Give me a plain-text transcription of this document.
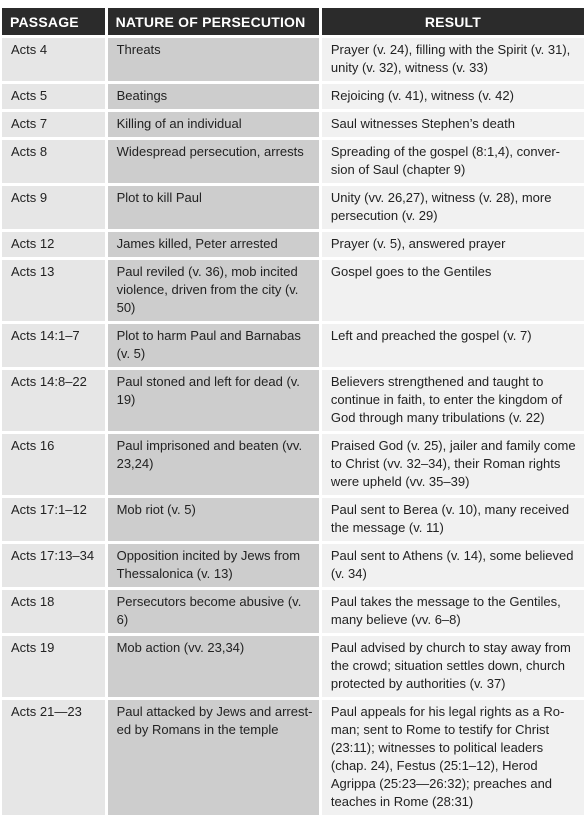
PASSAGE	NATURE OF PERSECUTION	RESULT
Acts 4	Threats	Prayer (v. 24), filling with the Spirit (v. 31), unity (v. 32), witness (v. 33)
Acts 5	Beatings	Rejoicing (v. 41), witness (v. 42)
Acts 7	Killing of an individual	Saul witnesses Stephen’s death
Acts 8	Widespread persecution, arrests	Spreading of the gospel (8:1,4), conver-sion of Saul (chapter 9)
Acts 9	Plot to kill Paul	Unity (vv. 26,27), witness (v. 28), more persecution (v. 29)
Acts 12	James killed, Peter arrested	Prayer (v. 5), answered prayer
Acts 13	Paul reviled (v. 36), mob incited violence, driven from the city (v. 50)	Gospel goes to the Gentiles
Acts 14:1–7	Plot to harm Paul and Barnabas (v. 5)	Left and preached the gospel (v. 7)
Acts 14:8–22	Paul stoned and left for dead (v. 19)	Believers strengthened and taught to continue in faith, to enter the kingdom of God through many tribulations (v. 22)
Acts 16	Paul imprisoned and beaten (vv. 23,24)	Praised God (v. 25), jailer and family come to Christ (vv. 32–34), their Roman rights were upheld (vv. 35–39)
Acts 17:1–12	Mob riot (v. 5)	Paul sent to Berea (v. 10), many received the message (v. 11)
Acts 17:13–34	Opposition incited by Jews from Thessalonica (v. 13)	Paul sent to Athens (v. 14), some believed (v. 34)
Acts 18	Persecutors become abusive (v. 6)	Paul takes the message to the Gentiles, many believe (vv. 6–8)
Acts 19	Mob action (vv. 23,34)	Paul advised by church to stay away from the crowd; situation settles down, church protected by authorities (v. 37)
Acts 21—23	Paul attacked by Jews and arrest-ed by Romans in the temple	Paul appeals for his legal rights as a Ro-man; sent to Rome to testify for Christ (23:11); witnesses to political leaders (chap. 24), Festus (25:1–12), Herod Agrippa (25:23—26:32); preaches and teaches in Rome (28:31)
